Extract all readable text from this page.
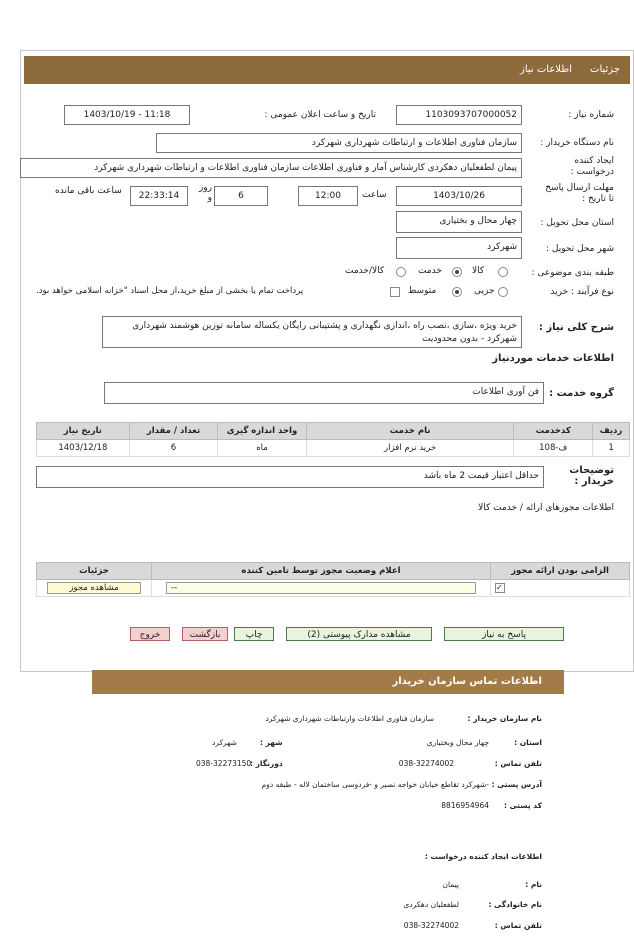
جزئیات
اطلاعات نیاز
شماره نیاز :
1103093707000052
تاریخ و ساعت اعلان عمومی :
1403/10/19 - 11:18
نام دستگاه خریدار :
سازمان فناوری اطلاعات و ارتباطات شهرداری شهرکرد
ایجاد کننده درخواست :
پیمان لطفعلیان دهکردی کارشناس آمار و فناوری اطلاعات سازمان فناوری اطلاعات و ارتباطات شهرداری شهرکرد
مهلت ارسال پاسخ تا تاریخ :
1403/10/26
ساعت
12:00
6
روز و
22:33:14
ساعت باقی مانده
استان محل تحویل :
چهار محال و بختیاری
شهر محل تحویل :
شهرکرد
طبقه بندی موضوعی :
کالا
خدمت
کالا/خدمت
نوع فرآیند : خرید
جزیی
متوسط
پرداخت تمام یا بخشی از مبلغ خرید،از محل اسناد "خزانه اسلامی خواهد بود.
شرح کلی نیاز :
خرید ویژه ،سازی ،نصب راه ،اندازی نگهداری و پشتیبانی رایگان یکساله سامانه توزین هوشمند شهرداری شهرکرد - بدون محدودیت
اطلاعات خدمات موردنیاز
گروه خدمت :
فن آوری اطلاعات
ردیف	کدخدمت	نام خدمت	واحد اندازه گیری	تعداد / مقدار	تاریخ نیاز
1	ف-108	خرید نرم افزار	ماه	6	1403/12/18
توضیحات خریدار :
حداقل اعتبار قیمت 2 ماه باشد
اطلاعات مجوزهای ارائه / خدمت کالا
الزامی بودن ارائه مجوز	اعلام وضعیت مجوز توسط تامین کننده	جزئیات
✓	--	مشاهده مجوز
پاسخ به نیاز
مشاهده مدارک پیوستی (2)
چاپ
بازگشت
خروج
اطلاعات تماس سازمان خریدار
نام سازمان خریدار :
سازمان فناوری اطلاعات وارتباطات شهرداری شهرکرد
استان :
چهار محال وبختیاری
شهر :
شهرکرد
تلفن تماس :
038-32274002
دورنگار :
038-32273150
آدرس پستی :
-شهرکرد تقاطع خیابان خواجه نصیر و -فردوسی ساختمان لاله - طبقه دوم
کد پستی :
8816954964
اطلاعات ایجاد کننده درخواست :
نام :
پیمان
نام خانوادگی :
لطفعلیان دهکردی
تلفن تماس :
038-32274002
